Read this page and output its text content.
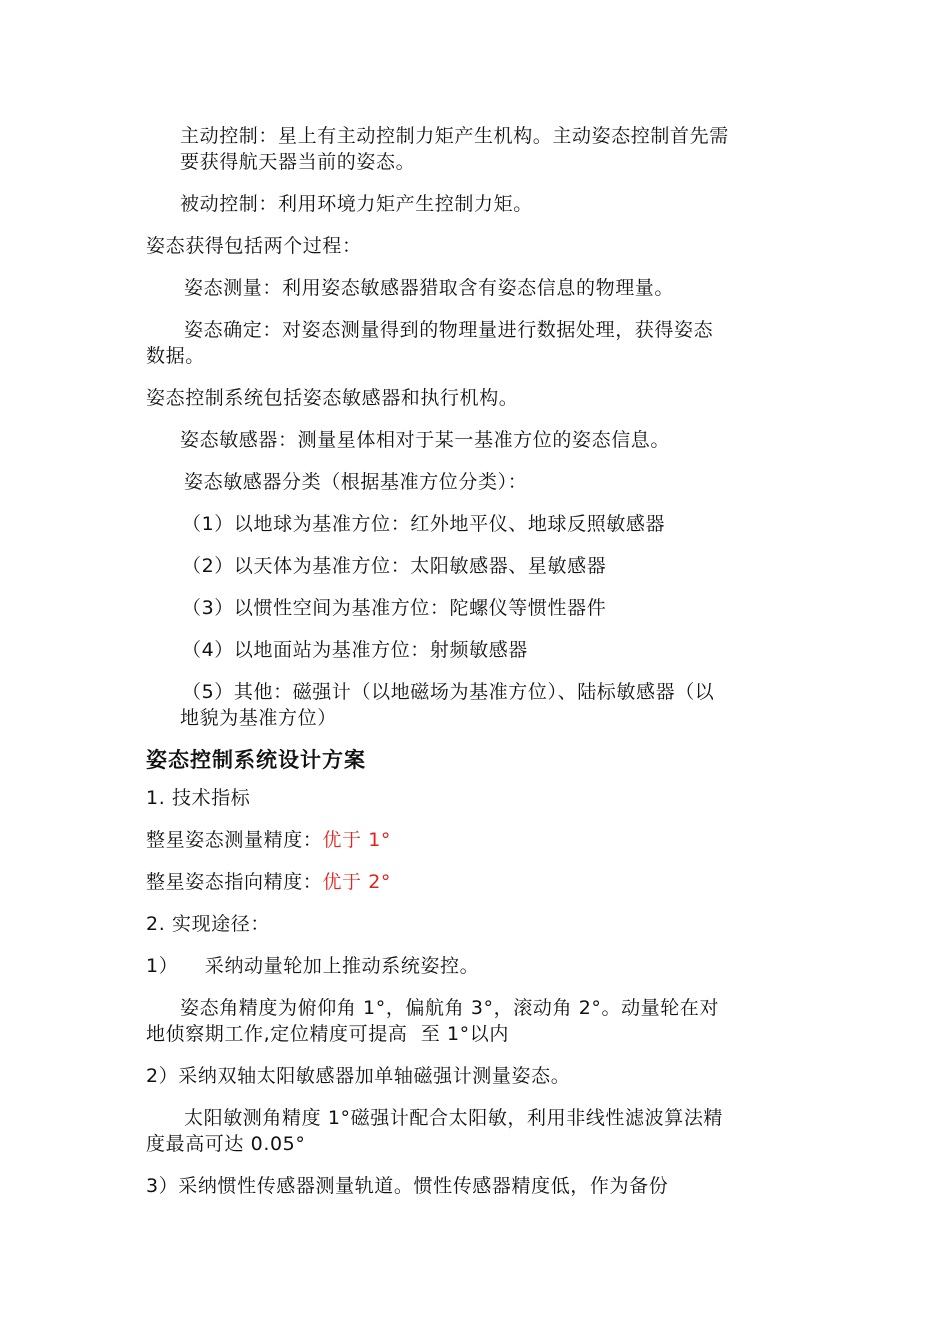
主动控制：星上有主动控制力矩产生机构。主动姿态控制首先需
要获得航天器当前的姿态。
被动控制：利用环境力矩产生控制力矩。
姿态获得包括两个过程：
姿态测量：利用姿态敏感器猎取含有姿态信息的物理量。
姿态确定：对姿态测量得到的物理量进行数据处理，获得姿态
数据。
姿态控制系统包括姿态敏感器和执行机构。
姿态敏感器：测量星体相对于某一基准方位的姿态信息。
姿态敏感器分类（根据基准方位分类）：
（1）以地球为基准方位：红外地平仪、地球反照敏感器
（2）以天体为基准方位：太阳敏感器、星敏感器
（3）以惯性空间为基准方位：陀螺仪等惯性器件
（4）以地面站为基准方位：射频敏感器
（5）其他：磁强计（以地磁场为基准方位）、陆标敏感器（以
地貌为基准方位）
姿态控制系统设计方案
1. 技术指标
整星姿态测量精度：优于 1°
整星姿态指向精度：优于 2°
2. 实现途径：
1）    采纳动量轮加上推动系统姿控。
姿态角精度为俯仰角 1°，偏航角 3°，滚动角 2°。动量轮在对
地侦察期工作,定位精度可提高  至 1°以内
2）采纳双轴太阳敏感器加单轴磁强计测量姿态。
太阳敏测角精度 1°磁强计配合太阳敏，利用非线性滤波算法精
度最高可达 0.05°
3）采纳惯性传感器测量轨道。惯性传感器精度低，作为备份
